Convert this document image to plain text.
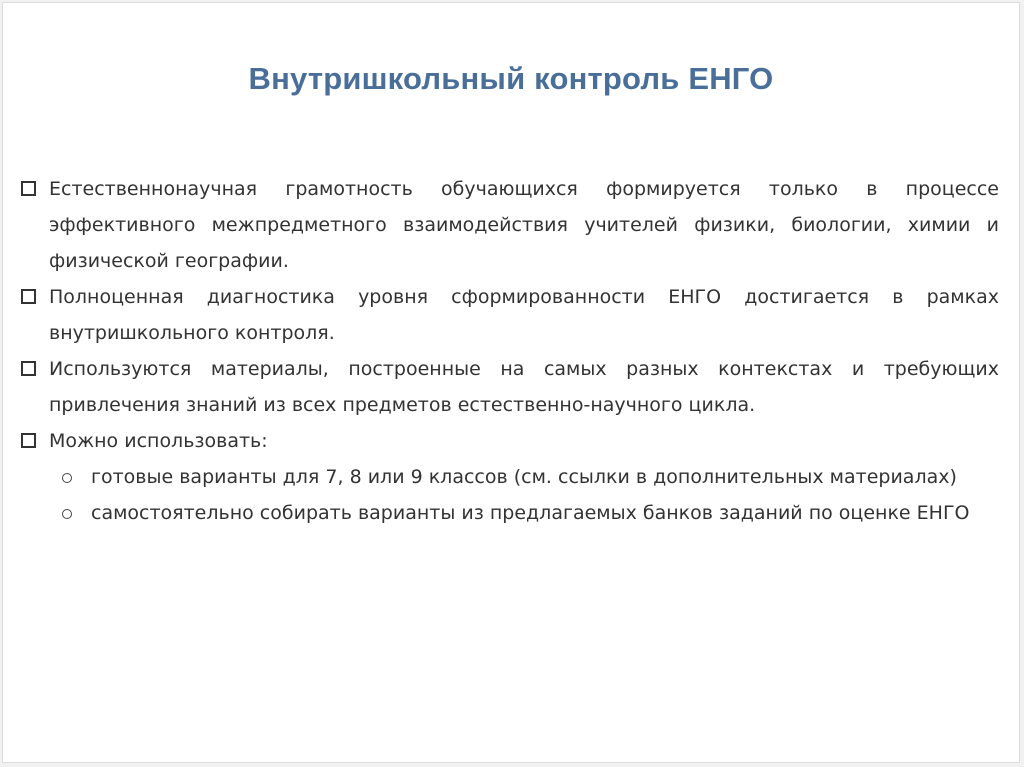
Внутришкольный контроль ЕНГО
Естественнонаучная грамотность обучающихся формируется только в процессе эффективного межпредметного взаимодействия учителей физики, биологии, химии и физической географии.
Полноценная диагностика уровня сформированности ЕНГО достигается в рамках внутришкольного контроля.
Используются материалы, построенные на самых разных контекстах и требующих привлечения знаний из всех предметов естественно-научного цикла.
Можно использовать:
готовые варианты для 7, 8 или 9 классов (см. ссылки в дополнительных материалах)
самостоятельно собирать варианты из предлагаемых банков заданий по оценке ЕНГО
